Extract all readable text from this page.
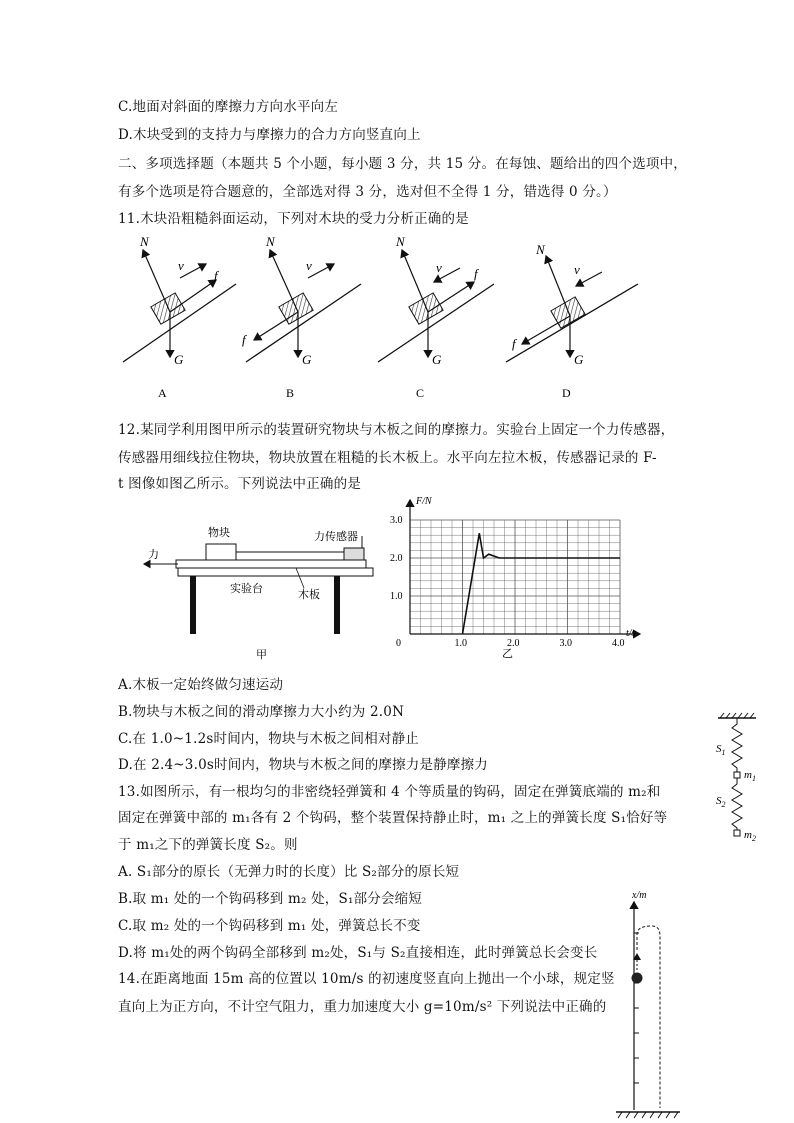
C.地面对斜面的摩擦力方向水平向左
D.木块受到的支持力与摩擦力的合力方向竖直向上
二、多项选择题（本题共 5 个小题，每小题 3 分，共 15 分。在每蚀、题给出的四个选项中，
有多个选项是符合题意的，全部选对得 3 分，选对但不全得 1 分，错选得 0 分。）
11.木块沿粗糙斜面运动，下列对木块的受力分析正确的是
N
v
f
G
A
N
v
f
G
B
N
v f
G
C
N
v
f
G
D
12.某同学利用图甲所示的装置研究物块与木板之间的摩擦力。实验台上固定一个力传感器，
传感器用细线拉住物块，物块放置在粗糙的长木板上。水平向左拉木板，传感器记录的 F-
t 图像如图乙所示。下列说法中正确的是
物块	力传感器
力
实验台	木板
甲
0	1.0	2.0	3.0	4.0
1.0
2.0
3.0
F/N
t/s
乙
A.木板一定始终做匀速运动
B.物块与木板之间的滑动摩擦力大小约为 2.0N
C.在 1.0~1.2s时间内，物块与木板之间相对静止
D.在 2.4~3.0s时间内，物块与木板之间的摩擦力是静摩擦力
13.如图所示，有一根均匀的非密绕轻弹簧和 4 个等质量的钩码，固定在弹簧底端的 m₂和
固定在弹簧中部的 m₁各有 2 个钩码，整个装置保持静止时，m₁ 之上的弹簧长度 S₁恰好等
于 m₁之下的弹簧长度 S₂。则
A. S₁部分的原长（无弹力时的长度）比 S₂部分的原长短
B.取 m₁ 处的一个钩码移到 m₂ 处，S₁部分会缩短
C.取 m₂ 处的一个钩码移到 m₁ 处，弹簧总长不变
D.将 m₁处的两个钩码全部移到 m₂处，S₁与 S₂直接相连，此时弹簧总长会变长
14.在距离地面 15m 高的位置以 10m/s 的初速度竖直向上抛出一个小球，规定竖
直向上为正方向，不计空气阻力，重力加速度大小 g=10m/s² 下列说法中正确的
$S_1$
$S_2$
$m_1$
$m_2$
x/m
